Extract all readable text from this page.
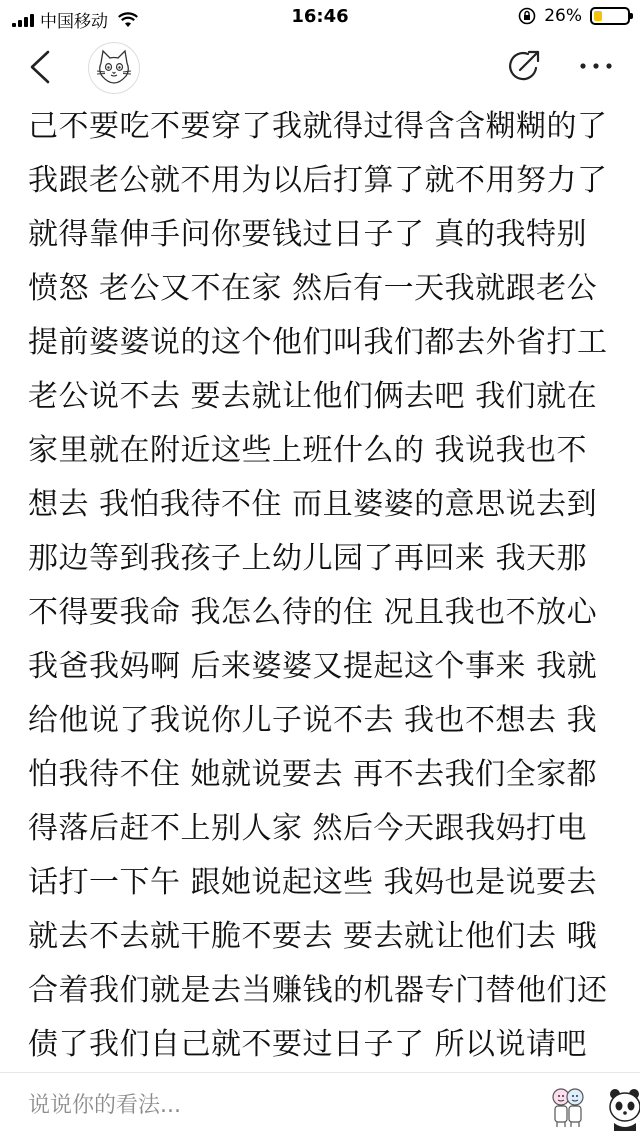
中国移动	16:46	26%
己不要吃不要穿了我就得过得含含糊糊的了
我跟老公就不用为以后打算了就不用努力了
就得靠伸手问你要钱过日子了 真的我特别
愤怒 老公又不在家 然后有一天我就跟老公
提前婆婆说的这个他们叫我们都去外省打工
老公说不去 要去就让他们俩去吧 我们就在
家里就在附近这些上班什么的 我说我也不
想去 我怕我待不住 而且婆婆的意思说去到
那边等到我孩子上幼儿园了再回来 我天那
不得要我命 我怎么待的住 况且我也不放心
我爸我妈啊 后来婆婆又提起这个事来 我就
给他说了我说你儿子说不去 我也不想去 我
怕我待不住 她就说要去 再不去我们全家都
得落后赶不上别人家 然后今天跟我妈打电
话打一下午 跟她说起这些 我妈也是说要去
就去不去就干脆不要去 要去就让他们去 哦
合着我们就是去当赚钱的机器专门替他们还
债了我们自己就不要过日子了 所以说请吧
说说你的看法...
